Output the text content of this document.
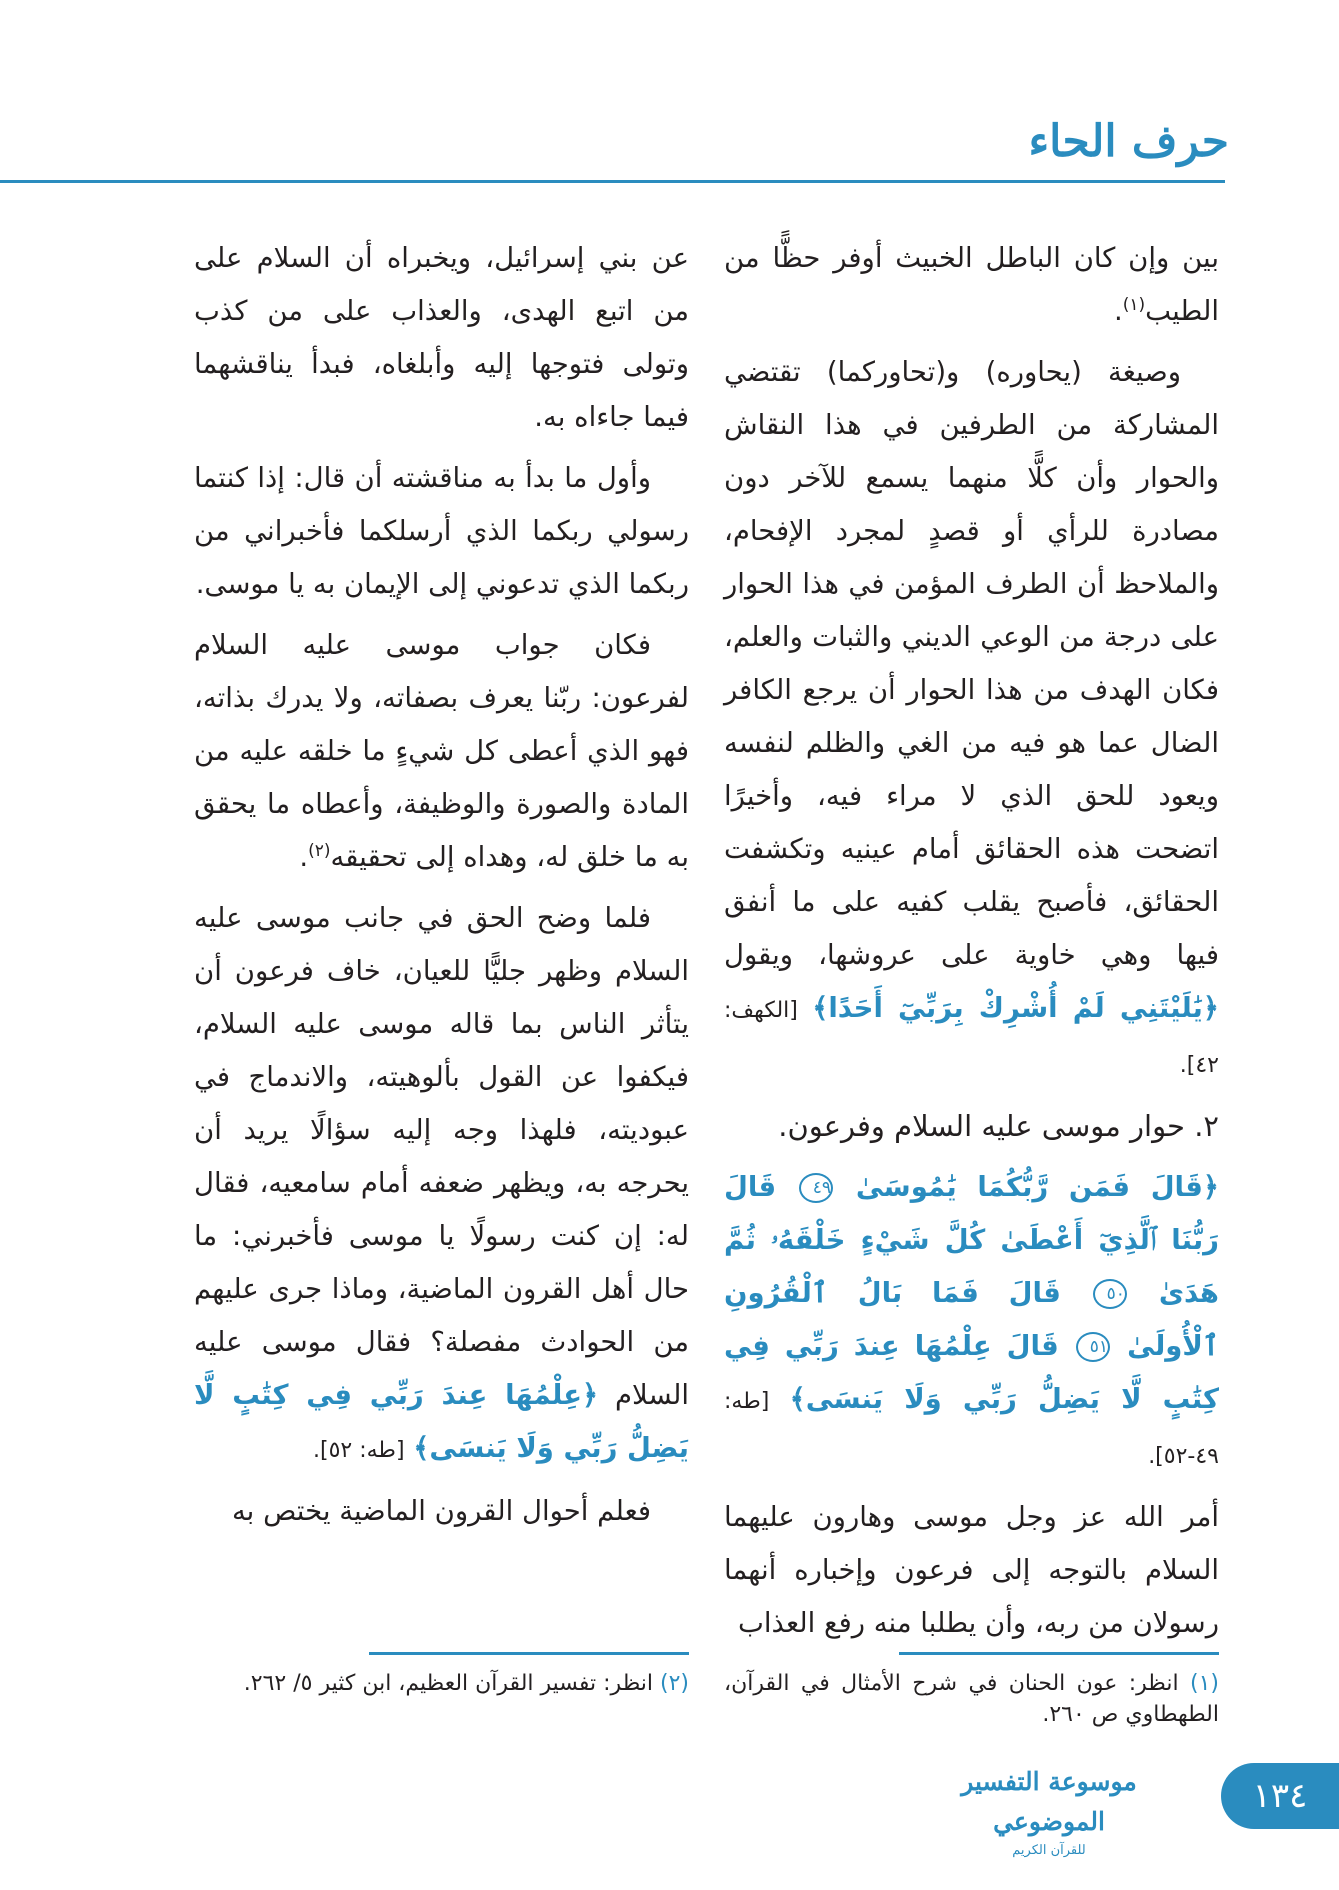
حرف الحاء

بين وإن كان الباطل الخبيث أوفر حظًّا من الطيب$^{(١)}$.

وصيغة (يحاوره) و(تحاوركما) تقتضي المشاركة من الطرفين في هذا النقاش والحوار وأن كلًّا منهما يسمع للآخر دون مصادرة للرأي أو قصدٍ لمجرد الإفحام، والملاحظ أن الطرف المؤمن في هذا الحوار على درجة من الوعي الديني والثبات والعلم، فكان الهدف من هذا الحوار أن يرجع الكافر الضال عما هو فيه من الغي والظلم لنفسه ويعود للحق الذي لا مراء فيه، وأخيرًا اتضحت هذه الحقائق أمام عينيه وتكشفت الحقائق، فأصبح يقلب كفيه على ما أنفق فيها وهي خاوية على عروشها، ويقول ﴿يَٰلَيْتَنِي لَمْ أُشْرِكْ بِرَبِّيٓ أَحَدًا﴾ [الكهف: ٤٢].

٢. حوار موسى عليه السلام وفرعون.

﴿قَالَ فَمَن رَّبُّكُمَا يَٰمُوسَىٰ ٤٩ قَالَ رَبُّنَا ٱلَّذِيٓ أَعْطَىٰ كُلَّ شَيْءٍ خَلْقَهُۥ ثُمَّ هَدَىٰ ٥٠ قَالَ فَمَا بَالُ ٱلْقُرُونِ ٱلْأُولَىٰ ٥١ قَالَ عِلْمُهَا عِندَ رَبِّي فِي كِتَٰبٍ لَّا يَضِلُّ رَبِّي وَلَا يَنسَى﴾ [طه: ٤٩-٥٢].

أمر الله عز وجل موسى وهارون عليهما السلام بالتوجه إلى فرعون وإخباره أنهما رسولان من ربه، وأن يطلبا منه رفع العذاب

عن بني إسرائيل، ويخبراه أن السلام على من اتبع الهدى، والعذاب على من كذب وتولى فتوجها إليه وأبلغاه، فبدأ يناقشهما فيما جاءاه به.

وأول ما بدأ به مناقشته أن قال: إذا كنتما رسولي ربكما الذي أرسلكما فأخبراني من ربكما الذي تدعوني إلى الإيمان به يا موسى.

فكان جواب موسى عليه السلام لفرعون: ربّنا يعرف بصفاته، ولا يدرك بذاته، فهو الذي أعطى كل شيءٍ ما خلقه عليه من المادة والصورة والوظيفة، وأعطاه ما يحقق به ما خلق له، وهداه إلى تحقيقه$^{(٢)}$.

فلما وضح الحق في جانب موسى عليه السلام وظهر جليًّا للعيان، خاف فرعون أن يتأثر الناس بما قاله موسى عليه السلام، فيكفوا عن القول بألوهيته، والاندماج في عبوديته، فلهذا وجه إليه سؤالًا يريد أن يحرجه به، ويظهر ضعفه أمام سامعيه، فقال له: إن كنت رسولًا يا موسى فأخبرني: ما حال أهل القرون الماضية، وماذا جرى عليهم من الحوادث مفصلة؟ فقال موسى عليه السلام ﴿عِلْمُهَا عِندَ رَبِّي فِي كِتَٰبٍ لَّا يَضِلُّ رَبِّي وَلَا يَنسَى﴾ [طه: ٥٢].

فعلم أحوال القرون الماضية يختص به

(١) انظر: عون الحنان في شرح الأمثال في القرآن، الطهطاوي ص ٢٦٠.
(٢) انظر: تفسير القرآن العظيم، ابن كثير ٥/ ٢٦٢.
١٣٤
موسوعة التفسير الموضوعي
للقرآن الكريم
